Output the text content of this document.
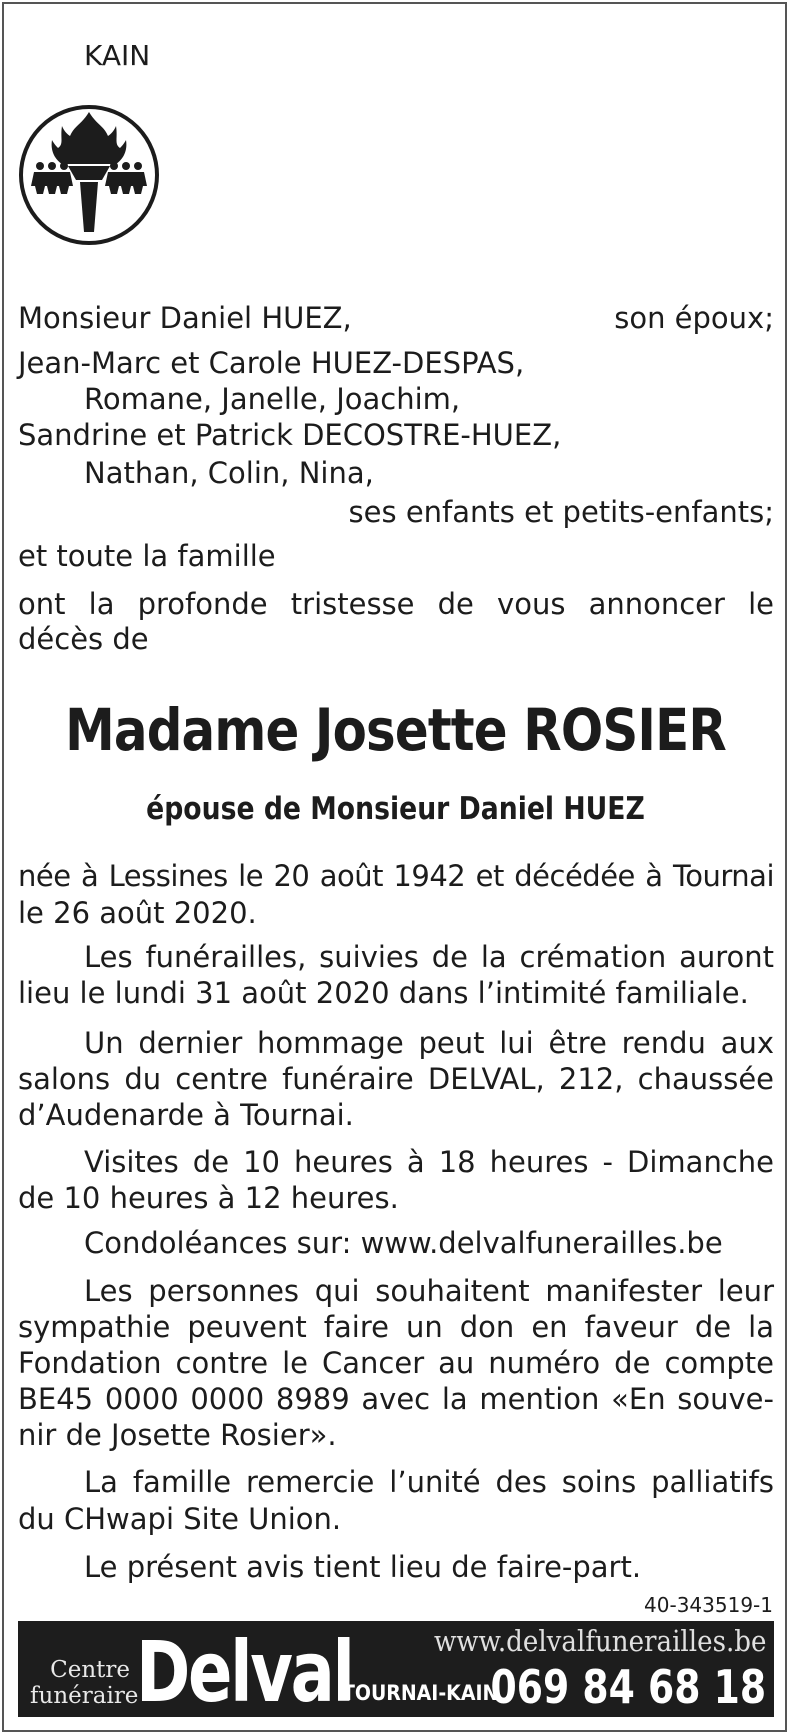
KAIN
Monsieur Daniel HUEZ,	son époux;
Jean-Marc et Carole HUEZ-DESPAS,
Romane, Janelle, Joachim,
Sandrine et Patrick DECOSTRE-HUEZ,
Nathan, Colin, Nina,
ses enfants et petits-enfants;
et toute la famille
ont la profonde tristesse de vous annoncer le
décès de
Madame Josette ROSIER
épouse de Monsieur Daniel HUEZ
née à Lessines le 20 août 1942 et décédée à Tournai
le 26 août 2020.
Les funérailles, suivies de la crémation auront
lieu le lundi 31 août 2020 dans l’intimité familiale.
Un dernier hommage peut lui être rendu aux
salons du centre funéraire DELVAL, 212, chaussée
d’Audenarde à Tournai.
Visites de 10 heures à 18 heures - Dimanche
de 10 heures à 12 heures.
Condoléances sur: www.delvalfunerailles.be
Les personnes qui souhaitent manifester leur
sympathie peuvent faire un don en faveur de la
Fondation contre le Cancer au numéro de compte
BE45 0000 0000 8989 avec la mention «En souve-
nir de Josette Rosier».
La famille remercie l’unité des soins palliatifs
du CHwapi Site Union.
Le présent avis tient lieu de faire-part.
40-343519-1
Centre
funéraire
Delval	www.delvalfunerailles.be
TOURNAI-KAIN
069 84 68 18
